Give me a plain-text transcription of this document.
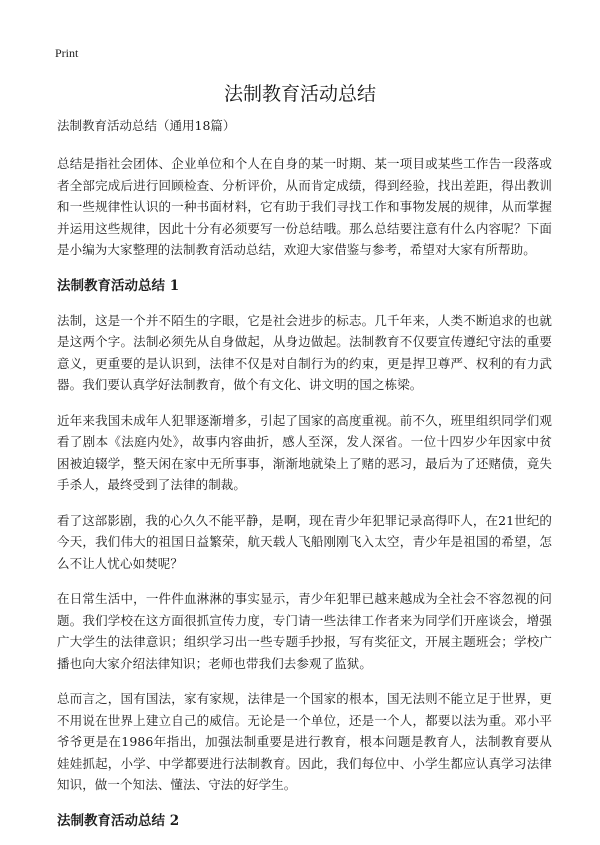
Print
法制教育活动总结
法制教育活动总结（通用18篇）

总结是指社会团体、企业单位和个人在自身的某一时期、某一项目或某些工作告一段落或者全部完成后进行回顾检查、分析评价，从而肯定成绩，得到经验，找出差距，得出教训和一些规律性认识的一种书面材料，它有助于我们寻找工作和事物发展的规律，从而掌握并运用这些规律，因此十分有必须要写一份总结哦。那么总结要注意有什么内容呢？下面是小编为大家整理的法制教育活动总结，欢迎大家借鉴与参考，希望对大家有所帮助。

法制教育活动总结 1

法制，这是一个并不陌生的字眼，它是社会进步的标志。几千年来，人类不断追求的也就是这两个字。法制必须先从自身做起，从身边做起。法制教育不仅要宣传遵纪守法的重要意义，更重要的是认识到，法律不仅是对自制行为的约束，更是捍卫尊严、权利的有力武器。我们要认真学好法制教育，做个有文化、讲文明的国之栋梁。

近年来我国未成年人犯罪逐渐增多，引起了国家的高度重视。前不久，班里组织同学们观看了剧本《法庭内处》，故事内容曲折，感人至深，发人深省。一位十四岁少年因家中贫困被迫辍学，整天闲在家中无所事事，渐渐地就染上了赌的恶习，最后为了还赌债，竟失手杀人，最终受到了法律的制裁。

看了这部影剧，我的心久久不能平静，是啊，现在青少年犯罪记录高得吓人，在21世纪的今天，我们伟大的祖国日益繁荣，航天载人飞船刚刚飞入太空，青少年是祖国的希望，怎么不让人忧心如焚呢？

在日常生活中，一件件血淋淋的事实显示，青少年犯罪已越来越成为全社会不容忽视的问题。我们学校在这方面很抓宣传力度，专门请一些法律工作者来为同学们开座谈会，增强广大学生的法律意识；组织学习出一些专题手抄报，写有奖征文，开展主题班会；学校广播也向大家介绍法律知识；老师也带我们去参观了监狱。

总而言之，国有国法，家有家规，法律是一个国家的根本，国无法则不能立足于世界，更不用说在世界上建立自己的威信。无论是一个单位，还是一个人，都要以法为重。邓小平爷爷更是在1986年指出，加强法制重要是进行教育，根本问题是教育人，法制教育要从娃娃抓起，小学、中学都要进行法制教育。因此，我们每位中、小学生都应认真学习法律知识，做一个知法、懂法、守法的好学生。

法制教育活动总结 2
